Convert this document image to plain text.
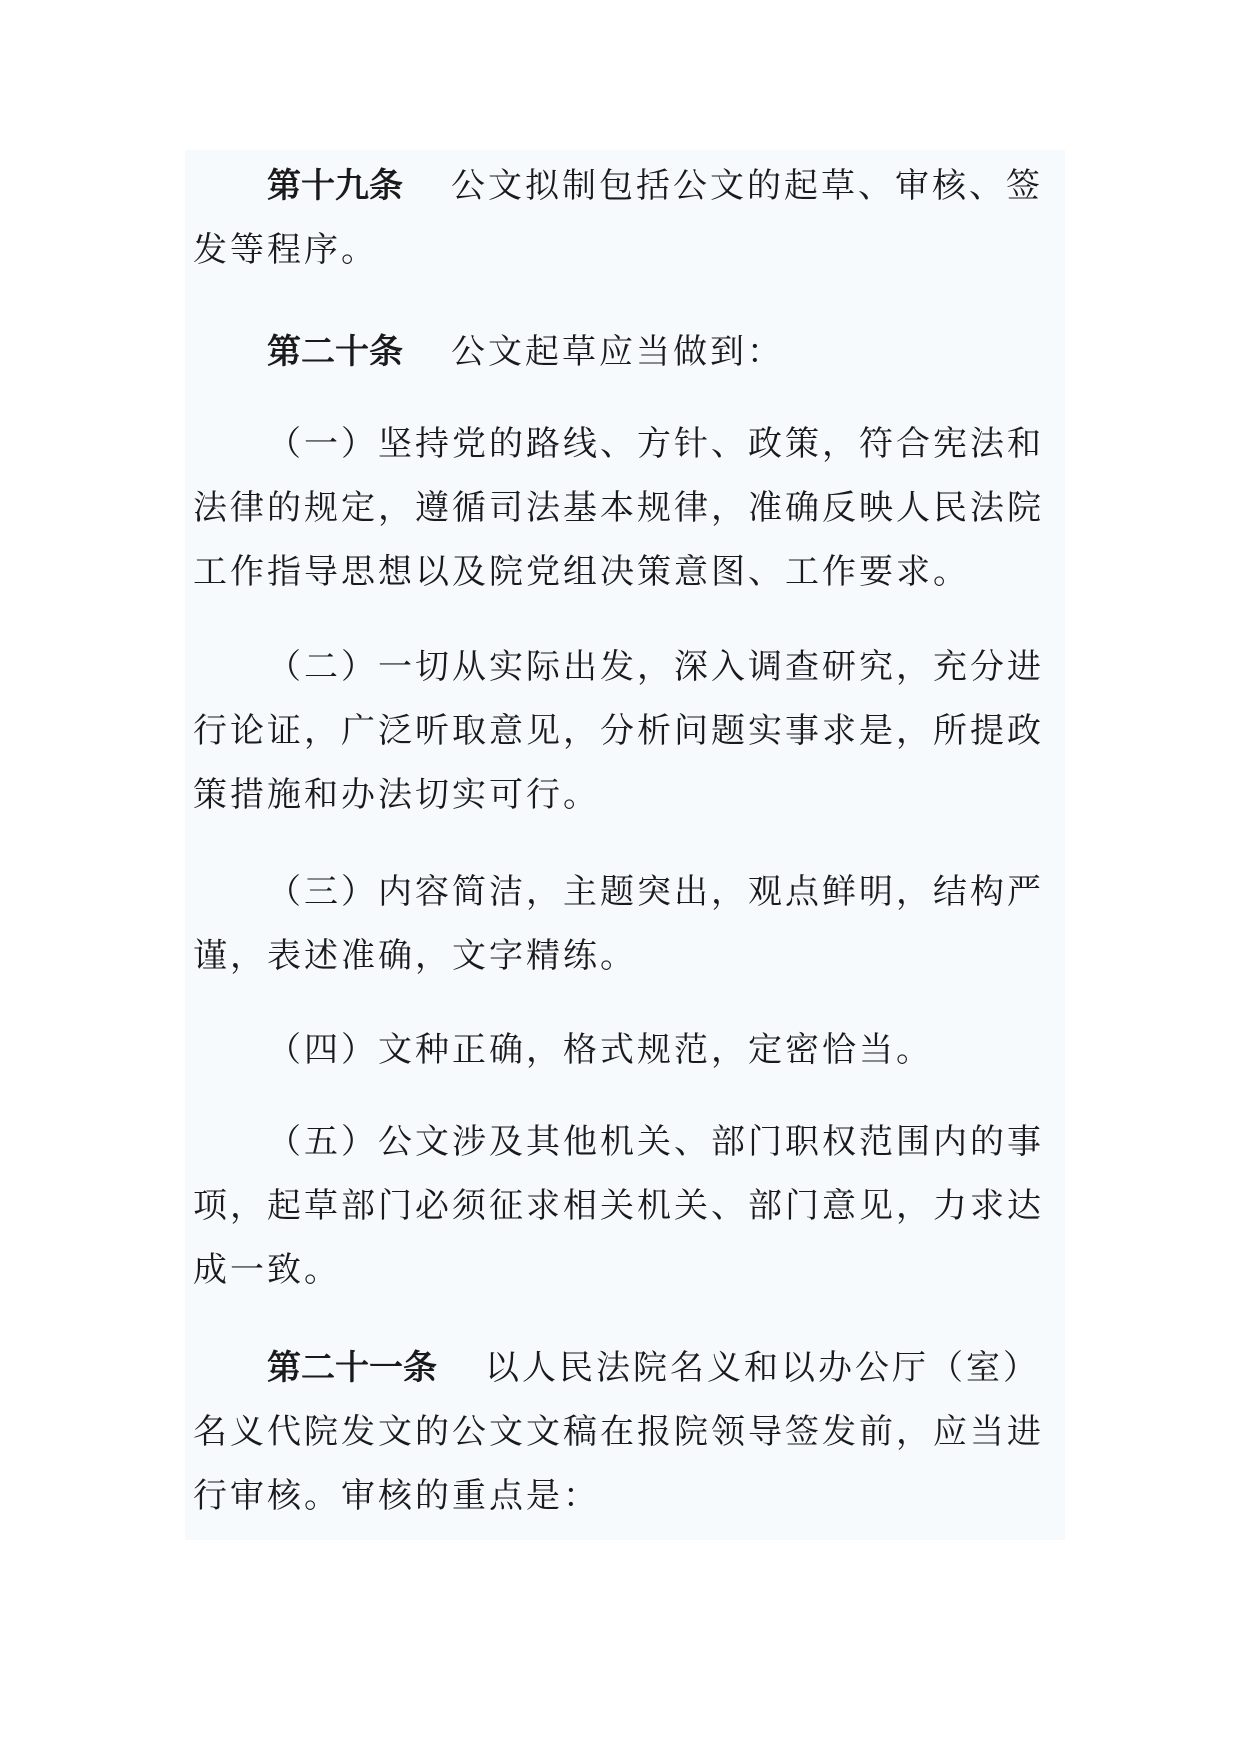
第十九条 公文拟制包括公文的起草、审核、签发等程序。

第二十条 公文起草应当做到：

（一）坚持党的路线、方针、政策，符合宪法和法律的规定，遵循司法基本规律，准确反映人民法院工作指导思想以及院党组决策意图、工作要求。

（二）一切从实际出发，深入调查研究，充分进行论证，广泛听取意见，分析问题实事求是，所提政策措施和办法切实可行。

（三）内容简洁，主题突出，观点鲜明，结构严谨，表述准确，文字精练。

（四）文种正确，格式规范，定密恰当。

（五）公文涉及其他机关、部门职权范围内的事项，起草部门必须征求相关机关、部门意见，力求达成一致。

第二十一条 以人民法院名义和以办公厅（室）名义代院发文的公文文稿在报院领导签发前，应当进行审核。审核的重点是：
